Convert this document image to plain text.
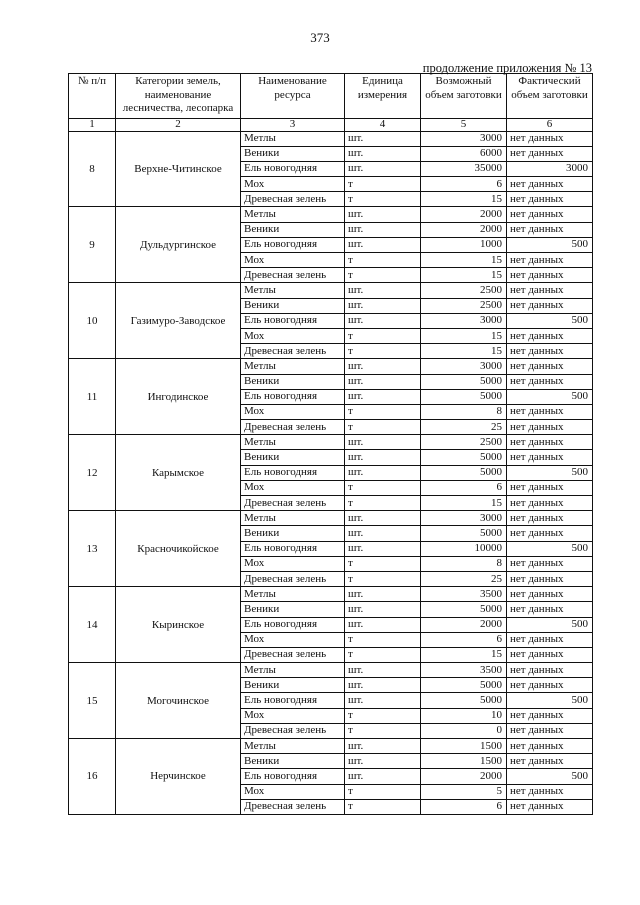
373
продолжение приложения № 13
№ п/п	Категории земель, наименование лесничества, лесопарка	Наименование ресурса	Единица измерения	Возможный объем заготовки	Фактический объем заготовки
1	2	3	4	5	6
8	Верхне-Читинское	Метлы	шт.	3000	нет данных
		Веники	шт.	6000	нет данных
		Ель новогодняя	шт.	35000	3000
		Мох	т	6	нет данных
		Древесная зелень	т	15	нет данных
9	Дульдургинское	Метлы	шт.	2000	нет данных
		Веники	шт.	2000	нет данных
		Ель новогодняя	шт.	1000	500
		Мох	т	15	нет данных
		Древесная зелень	т	15	нет данных
10	Газимуро-Заводское	Метлы	шт.	2500	нет данных
		Веники	шт.	2500	нет данных
		Ель новогодняя	шт.	3000	500
		Мох	т	15	нет данных
		Древесная зелень	т	15	нет данных
11	Ингодинское	Метлы	шт.	3000	нет данных
		Веники	шт.	5000	нет данных
		Ель новогодняя	шт.	5000	500
		Мох	т	8	нет данных
		Древесная зелень	т	25	нет данных
12	Карымское	Метлы	шт.	2500	нет данных
		Веники	шт.	5000	нет данных
		Ель новогодняя	шт.	5000	500
		Мох	т	6	нет данных
		Древесная зелень	т	15	нет данных
13	Красночикойское	Метлы	шт.	3000	нет данных
		Веники	шт.	5000	нет данных
		Ель новогодняя	шт.	10000	500
		Мох	т	8	нет данных
		Древесная зелень	т	25	нет данных
14	Кыринское	Метлы	шт.	3500	нет данных
		Веники	шт.	5000	нет данных
		Ель новогодняя	шт.	2000	500
		Мох	т	6	нет данных
		Древесная зелень	т	15	нет данных
15	Могочинское	Метлы	шт.	3500	нет данных
		Веники	шт.	5000	нет данных
		Ель новогодняя	шт.	5000	500
		Мох	т	10	нет данных
		Древесная зелень	т	0	нет данных
16	Нерчинское	Метлы	шт.	1500	нет данных
		Веники	шт.	1500	нет данных
		Ель новогодняя	шт.	2000	500
		Мох	т	5	нет данных
		Древесная зелень	т	6	нет данных
